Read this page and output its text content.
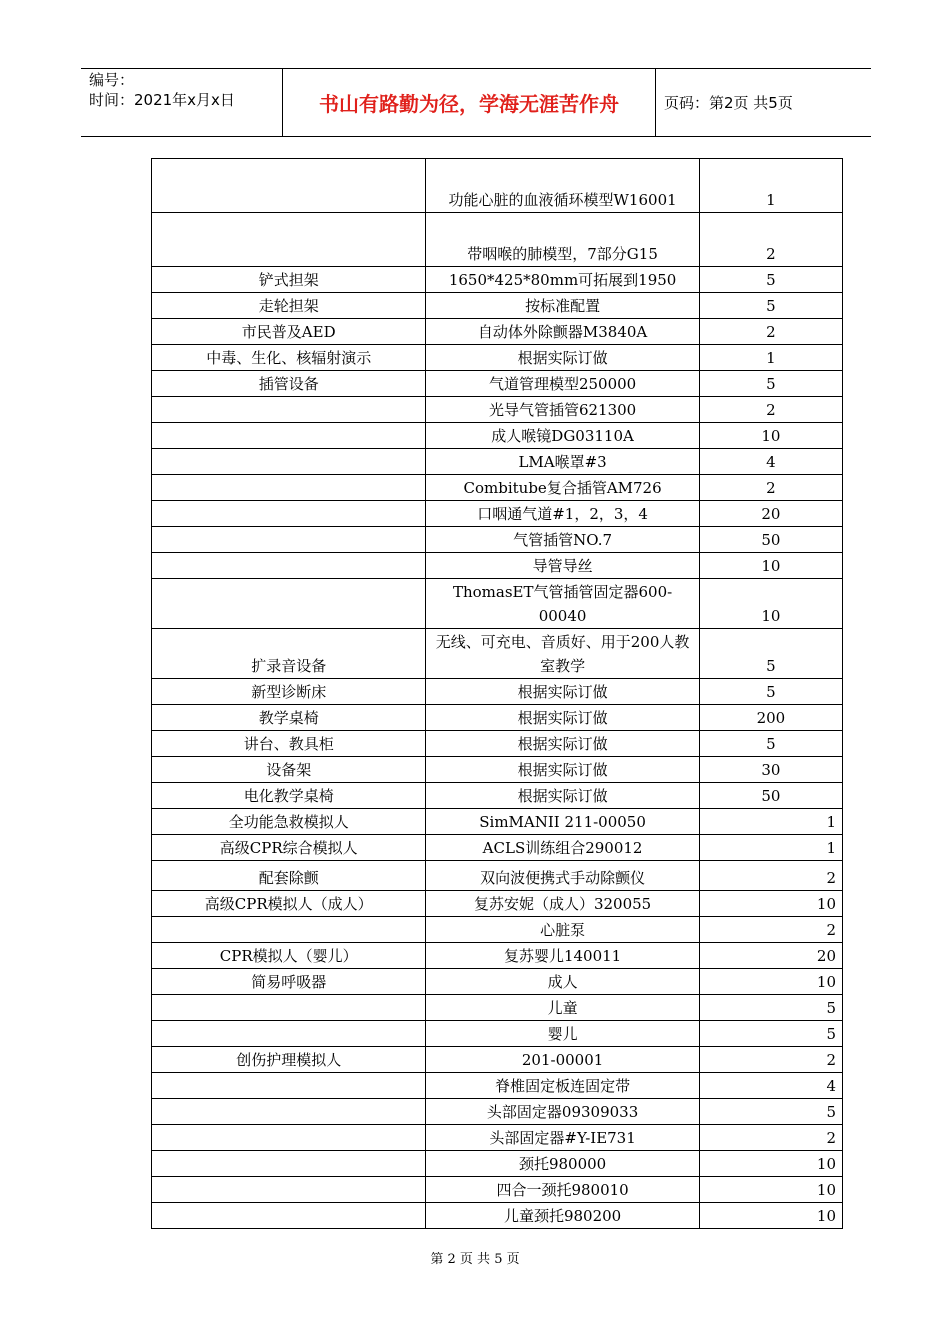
编号：
时间：2021年x月x日	书山有路勤为径，学海无涯苦作舟	页码：第2页 共5页
	功能心脏的血液循环模型W16001	1
	带咽喉的肺模型，7部分G15	2
铲式担架	1650*425*80mm可拓展到1950	5
走轮担架	按标准配置	5
市民普及AED	自动体外除颤器M3840A	2
中毒、生化、核辐射演示	根据实际订做	1
插管设备	气道管理模型250000	5
	光导气管插管621300	2
	成人喉镜DG03110A	10
	LMA喉罩#3	4
	Combitube复合插管AM726	2
	口咽通气道#1，2，3，4	20
	气管插管NO.7	50
	导管导丝	10
	ThomasET气管插管固定器600-00040	10
扩录音设备	无线、可充电、音质好、用于200人教室教学	5
新型诊断床	根据实际订做	5
教学桌椅	根据实际订做	200
讲台、教具柜	根据实际订做	5
设备架	根据实际订做	30
电化教学桌椅	根据实际订做	50
全功能急救模拟人	SimMANII 211-00050	1
高级CPR综合模拟人	ACLS训练组合290012	1
配套除颤	双向波便携式手动除颤仪	2
高级CPR模拟人（成人）	复苏安妮（成人）320055	10
	心脏泵	2
CPR模拟人（婴儿）	复苏婴儿140011	20
简易呼吸器	成人	10
	儿童	5
	婴儿	5
创伤护理模拟人	201-00001	2
	脊椎固定板连固定带	4
	头部固定器09309033	5
	头部固定器#Y-IE731	2
	颈托980000	10
	四合一颈托980010	10
	儿童颈托980200	10
第 2 页 共 5 页
